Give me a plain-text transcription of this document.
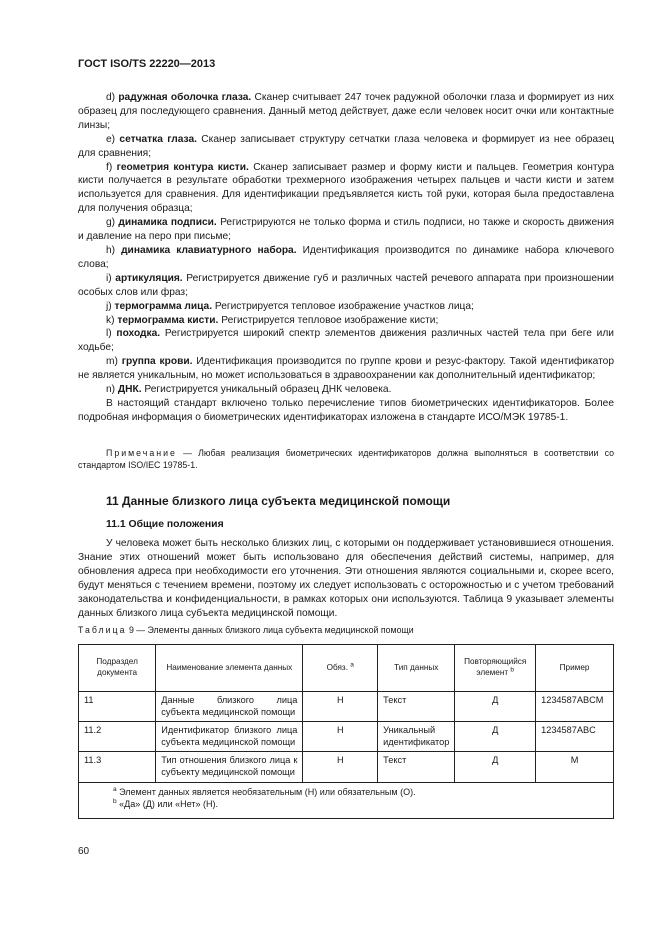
ГОСТ ISO/TS 22220—2013

d) радужная оболочка глаза. Сканер считывает 247 точек радужной оболочки глаза и формирует из них образец для последующего сравнения. Данный метод действует, даже если человек носит очки или контактные линзы;

e) сетчатка глаза. Сканер записывает структуру сетчатки глаза человека и формирует из нее образец для сравнения;

f) геометрия контура кисти. Сканер записывает размер и форму кисти и пальцев. Геометрия контура кисти получается в результате обработки трехмерного изображения четырех пальцев и части кисти и затем используется для сравнения. Для идентификации предъявляется кисть той руки, которая была предоставлена для получения образца;

g) динамика подписи. Регистрируются не только форма и стиль подписи, но также и скорость движения и давление на перо при письме;

h) динамика клавиатурного набора. Идентификация производится по динамике набора ключевого слова;

i) артикуляция. Регистрируется движение губ и различных частей речевого аппарата при произношении особых слов или фраз;

j) термограмма лица. Регистрируется тепловое изображение участков лица;

k) термограмма кисти. Регистрируется тепловое изображение кисти;

l) походка. Регистрируется широкий спектр элементов движения различных частей тела при беге или ходьбе;

m) группа крови. Идентификация производится по группе крови и резус-фактору. Такой идентификатор не является уникальным, но может использоваться в здравоохранении как дополнительный идентификатор;

n) ДНК. Регистрируется уникальный образец ДНК человека.

В настоящий стандарт включено только перечисление типов биометрических идентификаторов. Более подробная информация о биометрических идентификаторах изложена в стандарте ИСО/МЭК 19785-1.

Примечание — Любая реализация биометрических идентификаторов должна выполняться в соответствии со стандартом ISO/IEC 19785-1.
11 Данные близкого лица субъекта медицинской помощи
11.1 Общие положения
У человека может быть несколько близких лиц, с которыми он поддерживает установившиеся отношения. Знание этих отношений может быть использовано для обеспечения действий системы, например, для обновления адреса при необходимости его уточнения. Эти отношения являются социальными и, скорее всего, будут меняться с течением времени, поэтому их следует использовать с осторожностью и с учетом требований законодательства и конфиденциальности, в рамках которых они используются. Таблица 9 указывает элементы данных близкого лица субъекта медицинской помощи.
Таблица 9 — Элементы данных близкого лица субъекта медицинской помощи
Подраздел документа	Наименование элемента данных	Обяз. $^a$	Тип данных	Повторяющийся элемент $^b$	Пример
11	Данные близкого лица субъекта медицинской помощи	Н	Текст	Д	1234587ABCM
11.2	Идентификатор близкого лица субъекта медицинской помощи	Н	Уникальный идентификатор	Д	1234587ABC
11.3	Тип отношения близкого лица к субъекту медицинской помощи	Н	Текст	Д	M

$^a$ Элемент данных является необязательным (Н) или обязательным (О).
$^b$ «Да» (Д) или «Нет» (Н).					
60
